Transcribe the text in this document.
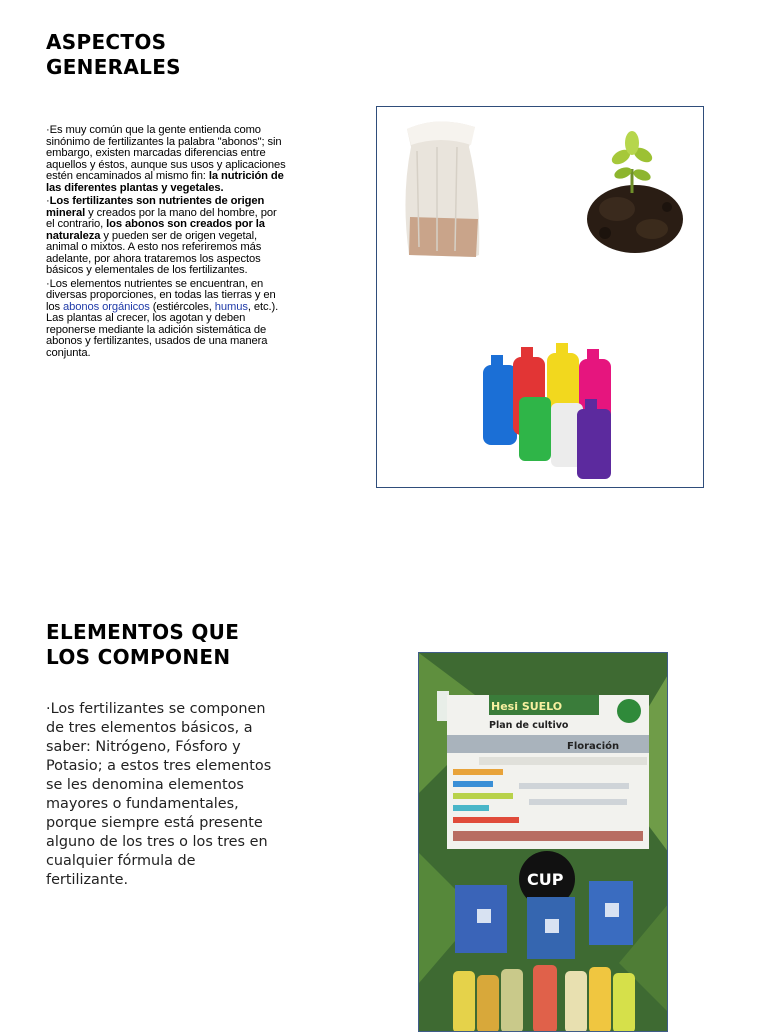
ASPECTOS
GENERALES

·Es muy común que la gente entienda como sinónimo de fertilizantes la palabra "abonos"; sin embargo, existen marcadas diferencias entre aquellos y éstos, aunque sus usos y aplicaciones estén encaminados al mismo fin: la nutrición de las diferentes plantas y vegetales.

·Los fertilizantes son nutrientes de origen mineral y creados por la mano del hombre, por el contrario, los abonos son creados por la naturaleza y pueden ser de origen vegetal, animal o mixtos. A esto nos referiremos más adelante, por ahora trataremos los aspectos básicos y elementales de los fertilizantes.

·Los elementos nutrientes se encuentran, en diversas proporciones, en todas las tierras y en los abonos orgánicos (estiércoles, humus, etc.). Las plantas al crecer, los agotan y deben reponerse mediante la adición sistemática de abonos y fertilizantes, usados de una manera conjunta.

ELEMENTOS QUE
LOS COMPONEN

·Los fertilizantes se componen de tres elementos básicos, a saber: Nitrógeno, Fósforo y Potasio; a estos tres elementos se les denomina elementos mayores o fundamentales, porque siempre está presente alguno de los tres o los tres en cualquier fórmula de fertilizante.

Hesi SUELO
Plan de cultivo
Floración
CUP
